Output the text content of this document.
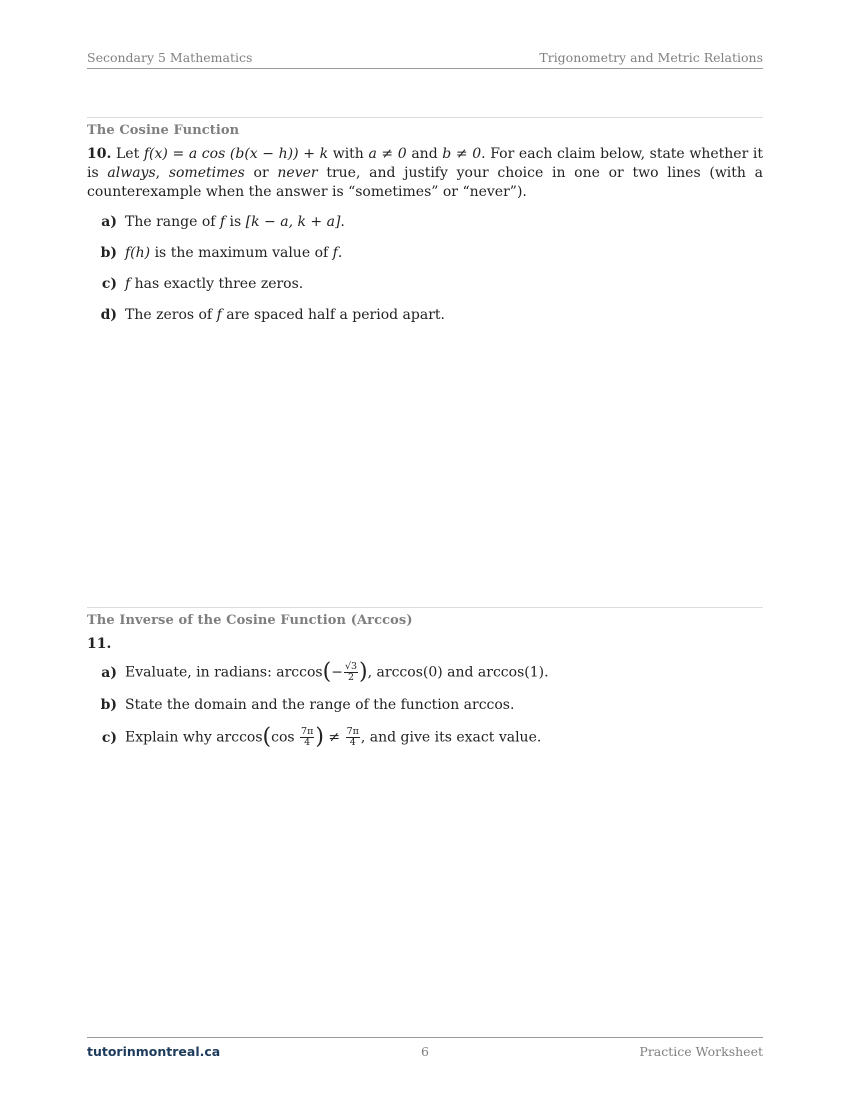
Secondary 5 Mathematics	Trigonometry and Metric Relations
The Cosine Function
10. Let f(x) = a cos (b(x − h)) + k with a ≠ 0 and b ≠ 0. For each claim below, state whether it is always, sometimes or never true, and justify your choice in one or two lines (with a counterexample when the answer is “sometimes” or “never”).
a) The range of f is [k − a, k + a].
b) f(h) is the maximum value of f.
c) f has exactly three zeros.
d) The zeros of f are spaced half a period apart.
The Inverse of the Cosine Function (Arccos)
11.
a) Evaluate, in radians: $\arccos(- \frac{√3}{2}$ ), arccos(0) and arccos(1).
b) State the domain and the range of the function arccos.
c) Explain why $\arccos(\cos \frac{7\pi}{4}$ ) ≠ $\frac{7\pi}{4}$ , and give its exact value.
tutorinmontreal.ca	6	Practice Worksheet
